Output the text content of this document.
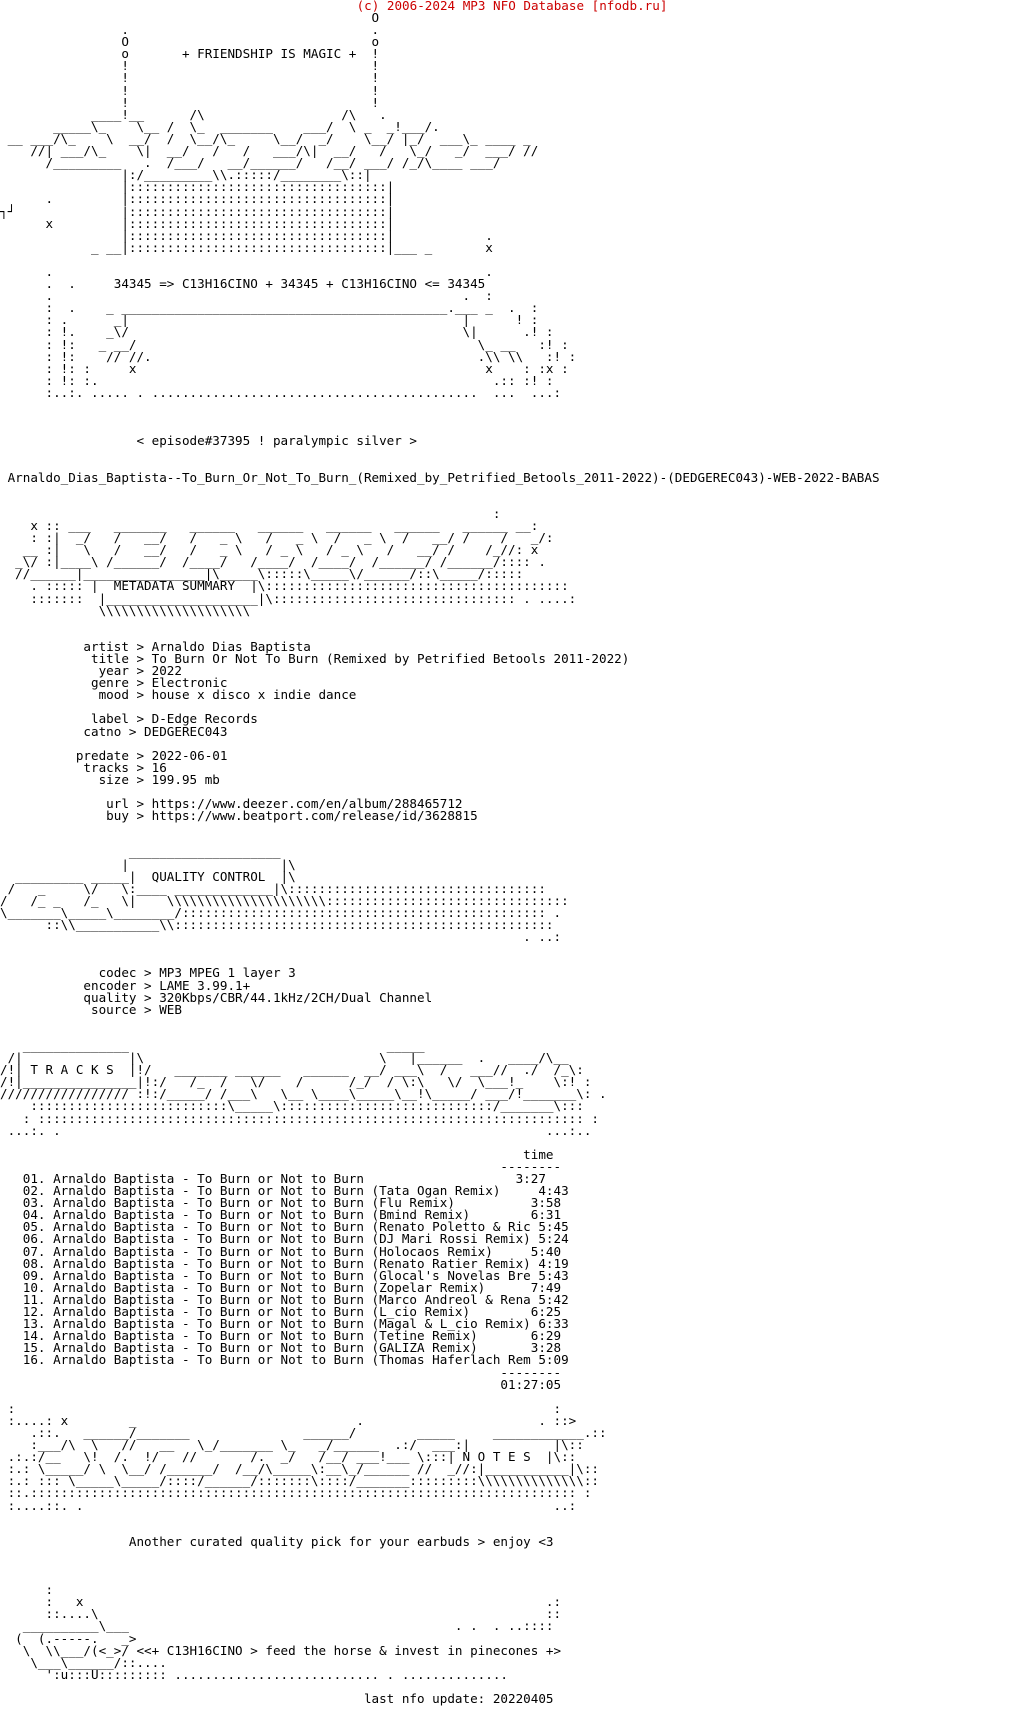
(c) 2006-2024 MP3 NFO Database [nfodb.ru]
O
.                                .
O                                o
o       + FRIENDSHIP IS MAGIC +  !
!                                !
!                                !
!                                !
!                                !
____!__      /\                  /\   .
_____\_    \__ /  \_  _______    ___/  \ _  _!___/.
__ ___/\_    \  __/  /  \__/\_     \__/  _/    \__/ |_/  ___\_ ____ _
//| ___/\_    \|  __/   /   /   ___/\|  __/   /   \_/   _/  ___/ //
/_________   .  /___/   __/______/   /__/ ___/ /_/\____ ___/
|:/_________\\.:::::/________\::|
|::::::::::::::::::::::::::::::::::|
.         |::::::::::::::::::::::::::::::::::|
┐┘              |::::::::::::::::::::::::::::::::::|
x         |::::::::::::::::::::::::::::::::::|
|::::::::::::::::::::::::::::::::::|            .
_ __|::::::::::::::::::::::::::::::::::|___ _       x

.                                                         .
.  .     34345 => C13H16CINO + 34345 + C13H16CINO <= 34345
.                                                      .  :
:  .    _ ___________________________________________.___ _  .  :
: .      _|                                            |      ! :
: !.    _\/                                            \|      .! :
: !:   _ __/                                             \_ __   :! :
: !:    // //.                                           .\\ \\   :! :
: !: :     x                                              x    : :x :
: !: :.                                                    .:: :! :
:..:. ..... . ...........................................  ...  ...:

< episode#37395 ! paralympic silver >

Arnaldo_Dias_Baptista--To_Burn_Or_Not_To_Burn_(Remixed_by_Petrified_Betools_2011-2022)-(DEDGEREC043)-WEB-2022-BABAS

:
x :: ___   _______   ______   ______   ______   ______   ______ __:
: :|  _/   /   __/   /   _ \   /   _ \  /   _ \  /   __/ /    /   _/:
__ :|   \   /   __/   /   _ \   / _ \   / _ \   /   __/ /    /_//: x
_\/ :|____\ /______/  /____/   /____/  /____/  /______/ /______/:::: .
//______|________________|\_____\:::::\_____\/______/::\_____/:::::
. ::::: |  METADATA SUMMARY  |\::::::::::::::::::::::::::::::::::::::::
:::::::  |____________________|\:::::::::::::::::::::::::::::::: . ....:
\\\\\\\\\\\\\\\\\\\\

artist > Arnaldo Dias Baptista
title > To Burn Or Not To Burn (Remixed by Petrified Betools 2011-2022)
year > 2022
genre > Electronic
mood > house x disco x indie dance

label > D-Edge Records
catno > DEDGEREC043

predate > 2022-06-01
tracks > 16
size > 199.95 mb

url > https://www.deezer.com/en/album/288465712
buy > https://www.beatport.com/release/id/3628815

____________________
|                    |\
_________ _____|  QUALITY CONTROL  |\
/   _     \/   \:____ _____________|\::::::::::::::::::::::::::::::::::
/   /_ _   /_   \|    \\\\\\\\\\\\\\\\\\\\\::::::::::::::::::::::::::::::::
\_______\_____\________/:::::::::::::::::::::::::::::::::::::::::::::::: .
::\\___________\\::::::::::::::::::::::::::::::::::::::::::::::::::
. ..:

codec > MP3 MPEG 1 layer 3
encoder > LAME 3.99.1+
quality > 320Kbps/CBR/44.1kHz/2CH/Dual Channel
source > WEB

______________                                  _____
/|              |\                               \   |______  .   ____/\__
/!| T R A C K S  |!/   _______ ______   ______  __/ ___\  /   ___//  ./  /_\:
/!|_______________|!:/   /_  /   \/    /      /_/  / \:\   \/  \___!_    \:! :
///////////////// :!:/_____/ /___\   \__ \____\_____\__!\_____/ ___/!_______\: .
::::::::::::::::::::::::::\_____\::::::::::::::::::::::::::::/_______\:::
: :::::::::::::::::::::::::::::::::::::::::::::::::::::::::::::::::::::::: :
...:. .                                                                ...:..

time
--------
01. Arnaldo Baptista - To Burn or Not to Burn                    3:27
02. Arnaldo Baptista - To Burn or Not to Burn (Tata Ogan Remix)     4:43
03. Arnaldo Baptista - To Burn or Not to Burn (Flu Remix)          3:58
04. Arnaldo Baptista - To Burn or Not to Burn (Bmind Remix)        6:31
05. Arnaldo Baptista - To Burn or Not to Burn (Renato Poletto & Ric 5:45
06. Arnaldo Baptista - To Burn or Not to Burn (DJ Mari Rossi Remix) 5:24
07. Arnaldo Baptista - To Burn or Not to Burn (Holocaos Remix)     5:40
08. Arnaldo Baptista - To Burn or Not to Burn (Renato Ratier Remix) 4:19
09. Arnaldo Baptista - To Burn or Not to Burn (Glocal's Novelas Bre 5:43
10. Arnaldo Baptista - To Burn or Not to Burn (Zopelar Remix)      7:49
11. Arnaldo Baptista - To Burn or Not to Burn (Marco Andreol & Rena 5:42
12. Arnaldo Baptista - To Burn or Not to Burn (L_cio Remix)        6:25
13. Arnaldo Baptista - To Burn or Not to Burn (Magal & L_cio Remix) 6:33
14. Arnaldo Baptista - To Burn or Not to Burn (Tetine Remix)       6:29
15. Arnaldo Baptista - To Burn or Not to Burn (GALIZA Remix)       3:28
16. Arnaldo Baptista - To Burn or Not to Burn (Thomas Haferlach Rem 5:09
--------
01:27:05

:                                                                       :
:....: x        _                             .                       . ::>
.::.   ______/_______               ______/        _____     ____________.::
:___/\  \   //   __   \_/_______ \_   _/______  .:/  ___:|           |\::
.:.:/__   \!  /.  !/   //       /.  _/   /__/ ___!___ \:::| N O T E S  |\::
:.: \_____/ \  \__/ /______/  /__/\_____\:__\_/______ //  _//:|___________|\::
:.: ::: \_____\_____/::::/______/:::::::\::::/_______:::::::::\\\\\\\\\\\\\\::
::.:::::::::::::::::::::::::::::::::::::::::::::::::::::::::::::::::::::::: :
:....::. .                                                              ..:

Another curated quality pick for your earbuds > enjoy <3

:
:   x                                                             .:
::....\                                                           ::
__________\___                                           . .  . ..::::
(  (.-----.   _>
\  \\___/(<_>/ <<+ C13H16CINO > feed the horse & invest in pinecones +>
\___\______/::....
':u:::U::::::::: ........................... . ..............

last nfo update: 20220405
